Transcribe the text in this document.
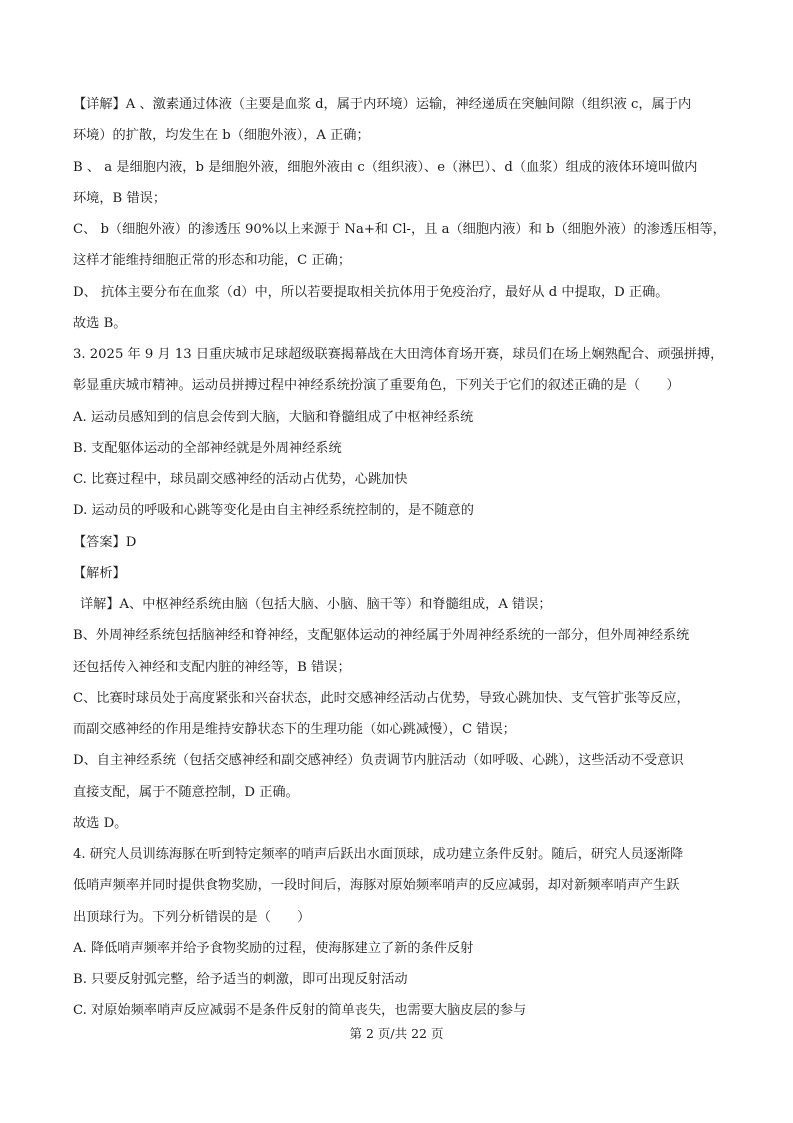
【详解】A 、激素通过体液（主要是血浆 d，属于内环境）运输，神经递质在突触间隙（组织液 c，属于内
环境）的扩散，均发生在 b（细胞外液），A 正确；
B 、 a 是细胞内液，b 是细胞外液，细胞外液由 c（组织液）、e（淋巴）、d（血浆）组成的液体环境叫做内
环境，B 错误；
C、 b（细胞外液）的渗透压 90%以上来源于 Na+和 Cl-，且 a（细胞内液）和 b（细胞外液）的渗透压相等，
这样才能维持细胞正常的形态和功能，C 正确；
D、 抗体主要分布在血浆（d）中，所以若要提取相关抗体用于免疫治疗，最好从 d 中提取，D 正确。
故选 B。
3. 2025 年 9 月 13 日重庆城市足球超级联赛揭幕战在大田湾体育场开赛，球员们在场上娴熟配合、顽强拼搏，
彰显重庆城市精神。运动员拼搏过程中神经系统扮演了重要角色，下列关于它们的叙述正确的是（　　）
A. 运动员感知到的信息会传到大脑，大脑和脊髓组成了中枢神经系统
B. 支配躯体运动的全部神经就是外周神经系统
C. 比赛过程中，球员副交感神经的活动占优势，心跳加快
D. 运动员的呼吸和心跳等变化是由自主神经系统控制的，是不随意的
【答案】D
【解析】
详解】A、中枢神经系统由脑（包括大脑、小脑、脑干等）和脊髓组成，A 错误；
B、外周神经系统包括脑神经和脊神经，支配躯体运动的神经属于外周神经系统的一部分，但外周神经系统
还包括传入神经和支配内脏的神经等，B 错误；
C、比赛时球员处于高度紧张和兴奋状态，此时交感神经活动占优势，导致心跳加快、支气管扩张等反应，
而副交感神经的作用是维持安静状态下的生理功能（如心跳减慢），C 错误；
D、自主神经系统（包括交感神经和副交感神经）负责调节内脏活动（如呼吸、心跳），这些活动不受意识
直接支配，属于不随意控制，D 正确。
故选 D。
4. 研究人员训练海豚在听到特定频率的哨声后跃出水面顶球，成功建立条件反射。随后，研究人员逐渐降
低哨声频率并同时提供食物奖励，一段时间后，海豚对原始频率哨声的反应减弱，却对新频率哨声产生跃
出顶球行为。下列分析错误的是（　　）
A. 降低哨声频率并给予食物奖励的过程，使海豚建立了新的条件反射
B. 只要反射弧完整，给予适当的刺激，即可出现反射活动
C. 对原始频率哨声反应减弱不是条件反射的简单丧失，也需要大脑皮层的参与
第 2 页/共 22 页
